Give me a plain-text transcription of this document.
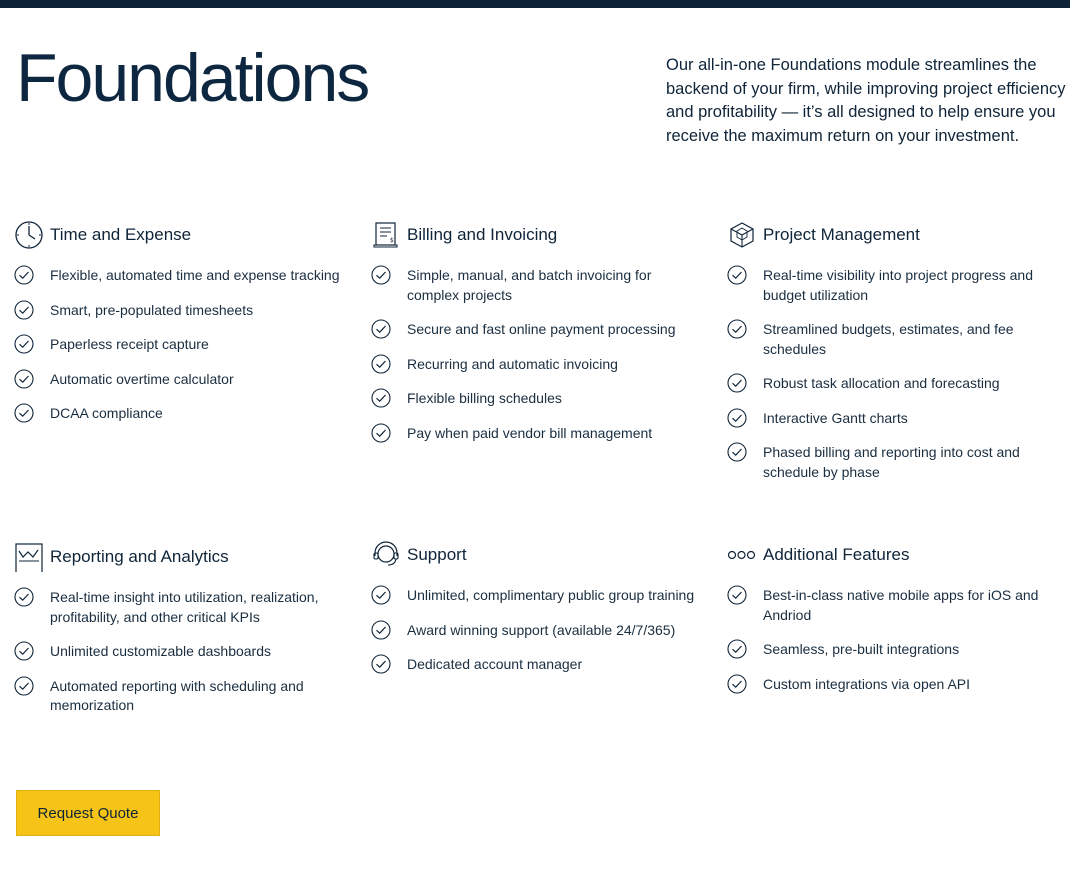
Foundations	Our all-in-one Foundations module streamlines the backend of your firm, while improving project efficiency and profitability — it’s all designed to help ensure you receive the maximum return on your investment.

Time and Expense
Flexible, automated time and expense tracking
Smart, pre-populated timesheets
Paperless receipt capture
Automatic overtime calculator
DCAA compliance
$ Billing and Invoicing
Simple, manual, and batch invoicing for complex projects
Secure and fast online payment processing
Recurring and automatic invoicing
Flexible billing schedules
Pay when paid vendor bill management
Project Management
Real-time visibility into project progress and budget utilization
Streamlined budgets, estimates, and fee schedules
Robust task allocation and forecasting
Interactive Gantt charts
Phased billing and reporting into cost and schedule by phase
Reporting and Analytics
Real-time insight into utilization, realization, profitability, and other critical KPIs
Unlimited customizable dashboards
Automated reporting with scheduling and memorization
Support
Unlimited, complimentary public group training
Award winning support (available 24/7/365)
Dedicated account manager
Additional Features
Best-in-class native mobile apps for iOS and Andriod
Seamless, pre-built integrations
Custom integrations via open API
Request Quote
